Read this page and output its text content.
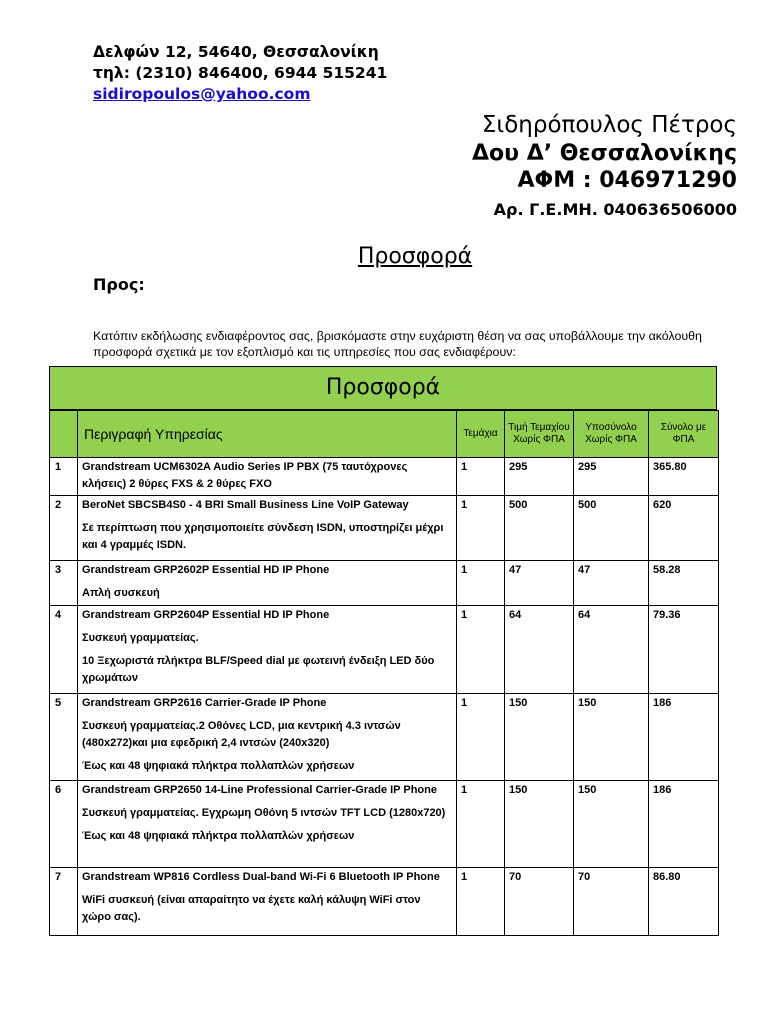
Δελφών 12, 54640, Θεσσαλονίκη
τηλ: (2310) 846400, 6944 515241
sidiropoulos@yahoo.com
Σιδηρόπουλος Πέτρος
Δου Δ’ Θεσσαλονίκης
ΑΦΜ : 046971290
Αρ. Γ.Ε.ΜΗ. 040636506000
Προσφορά
Προς:
Κατόπιν εκδήλωσης ενδιαφέροντος σας, βρισκόμαστε στην ευχάριστη θέση να σας υποβάλλουμε την ακόλουθη προσφορά σχετικά με τον εξοπλισμό και τις υπηρεσίες που σας ενδιαφέρουν:
Προσφορά
	Περιγραφή Υπηρεσίας	Τεμάχια	Τιμή Τεμαχίου Χωρίς ΦΠΑ	Υποσύνολο Χωρίς ΦΠΑ	Σύνολο με ΦΠΑ
1	Grandstream UCM6302A Audio Series IP PBX (75 ταυτόχρονες κλήσεις) 2 θύρες FXS & 2 θύρες FXO	1	295	295	365.80
2	BeroNet SBCSB4S0 - 4 BRI Small Business Line VoIP Gateway
Σε περίπτωση που χρησιμοποιείτε σύνδεση ISDN, υποστηρίζει μέχρι και 4 γραμμές ISDN.	1	500	500	620
3	Grandstream GRP2602P Essential HD IP Phone
Απλή συσκευή	1	47	47	58.28
4	Grandstream GRP2604P Essential HD IP Phone
Συσκευή γραμματείας.
10 Ξεχωριστά πλήκτρα BLF/Speed dial με φωτεινή ένδειξη LED δύο χρωμάτων	1	64	64	79.36
5	Grandstream GRP2616 Carrier-Grade IP Phone
Συσκευή γραμματείας.2 Οθόνες LCD, μια κεντρική 4.3 ιντσών (480x272)και μια εφεδρική 2,4 ιντσών (240x320)
Έως και 48 ψηφιακά πλήκτρα πολλαπλών χρήσεων	1	150	150	186
6	Grandstream GRP2650 14-Line Professional Carrier-Grade IP Phone
Συσκευή γραμματείας. Εγχρωμη Οθόνη 5 ιντσών TFT LCD (1280x720)
Έως και 48 ψηφιακά πλήκτρα πολλαπλών χρήσεων	1	150	150	186
7	Grandstream WP816 Cordless Dual-band Wi-Fi 6 Bluetooth IP Phone
WiFi συσκευή (είναι απαραίτητο να έχετε καλή κάλυψη WiFi στον χώρο σας).	1	70	70	86.80
